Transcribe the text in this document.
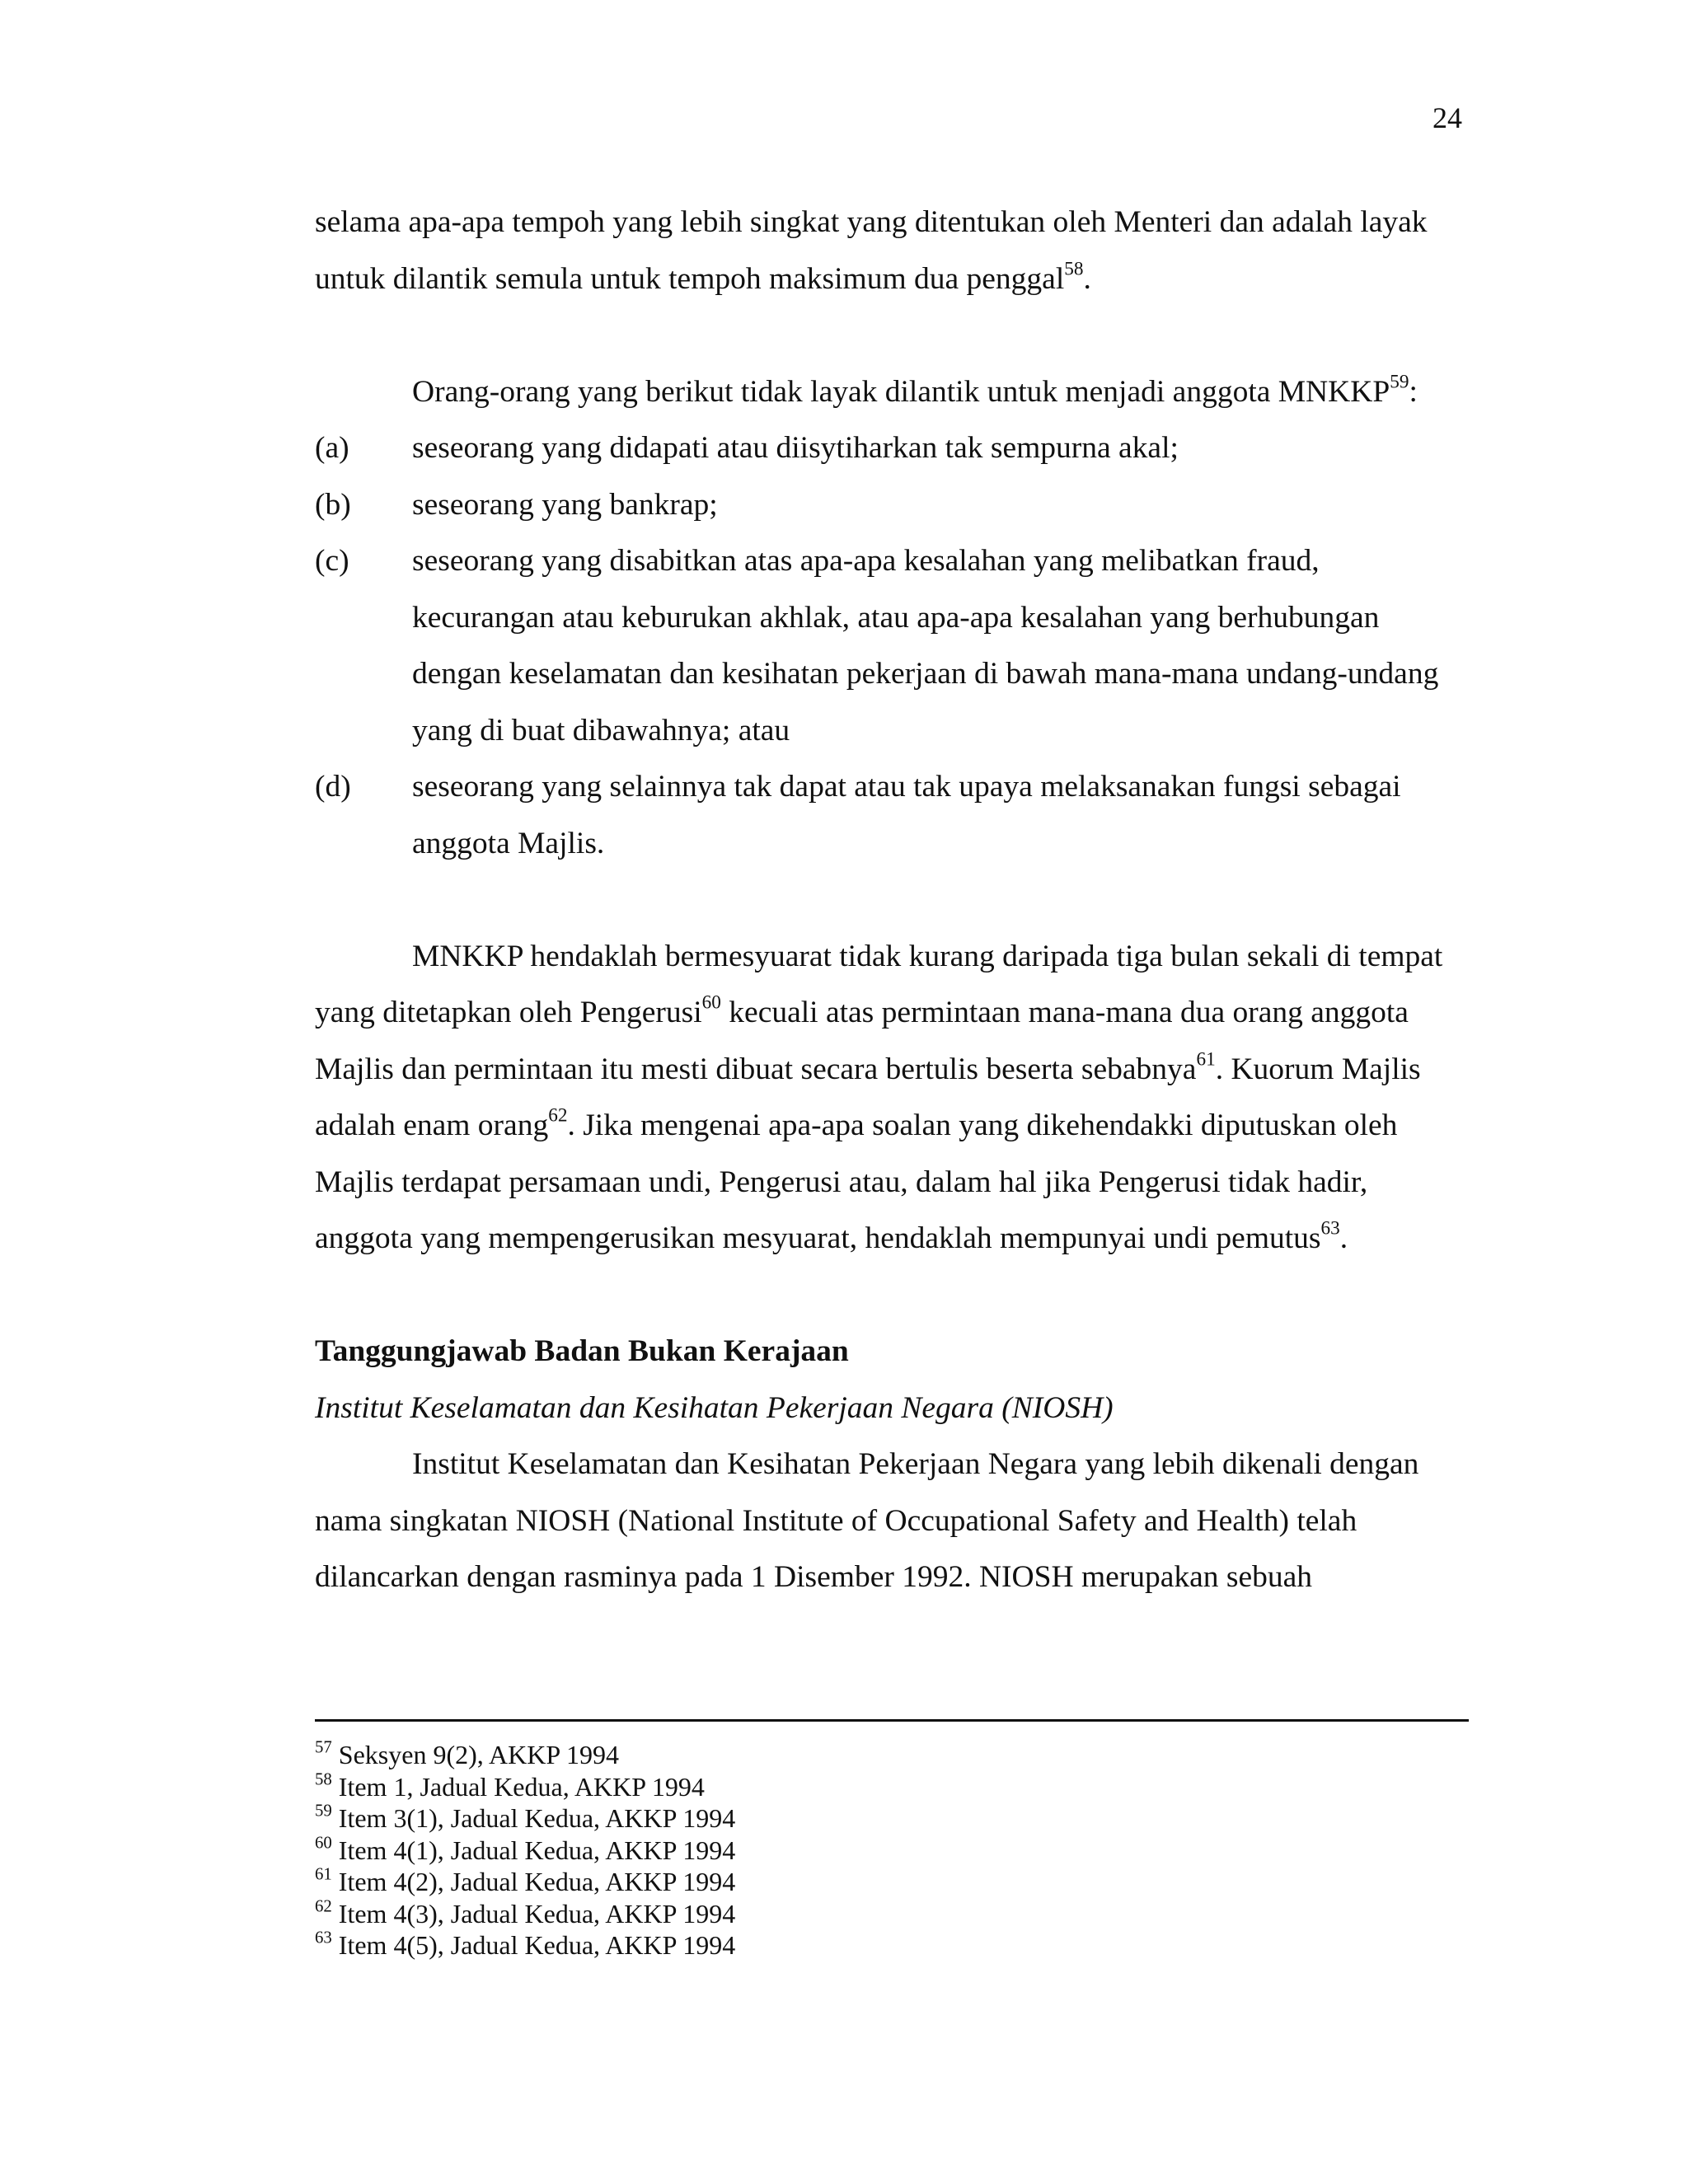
24

selama apa-apa tempoh yang lebih singkat yang ditentukan oleh Menteri dan adalah layak untuk dilantik semula untuk tempoh maksimum dua penggal$^{58}$.

Orang-orang yang berikut tidak layak dilantik untuk menjadi anggota MNKKP$^{59}$:

(a) seseorang yang didapati atau diisytiharkan tak sempurna akal;
(b) seseorang yang bankrap;
(c) seseorang yang disabitkan atas apa-apa kesalahan yang melibatkan fraud, kecurangan atau keburukan akhlak, atau apa-apa kesalahan yang berhubungan dengan keselamatan dan kesihatan pekerjaan di bawah mana-mana undang-undang yang di buat dibawahnya; atau
(d) seseorang yang selainnya tak dapat atau tak upaya melaksanakan fungsi sebagai anggota Majlis.

MNKKP hendaklah bermesyuarat tidak kurang daripada tiga bulan sekali di tempat yang ditetapkan oleh Pengerusi$^{60}$ kecuali atas permintaan mana-mana dua orang anggota Majlis dan permintaan itu mesti dibuat secara bertulis beserta sebabnya$^{61}$. Kuorum Majlis adalah enam orang$^{62}$. Jika mengenai apa-apa soalan yang dikehendakki diputuskan oleh Majlis terdapat persamaan undi, Pengerusi atau, dalam hal jika Pengerusi tidak hadir, anggota yang mempengerusikan mesyuarat, hendaklah mempunyai undi pemutus$^{63}$.

Tanggungjawab Badan Bukan Kerajaan

Institut Keselamatan dan Kesihatan Pekerjaan Negara (NIOSH)

Institut Keselamatan dan Kesihatan Pekerjaan Negara yang lebih dikenali dengan nama singkatan NIOSH (National Institute of Occupational Safety and Health) telah dilancarkan dengan rasminya pada 1 Disember 1992. NIOSH merupakan sebuah

$^{57}$ Seksyen 9(2), AKKP 1994
$^{58}$ Item 1, Jadual Kedua, AKKP 1994
$^{59}$ Item 3(1), Jadual Kedua, AKKP 1994
$^{60}$ Item 4(1), Jadual Kedua, AKKP 1994
$^{61}$ Item 4(2), Jadual Kedua, AKKP 1994
$^{62}$ Item 4(3), Jadual Kedua, AKKP 1994
$^{63}$ Item 4(5), Jadual Kedua, AKKP 1994
